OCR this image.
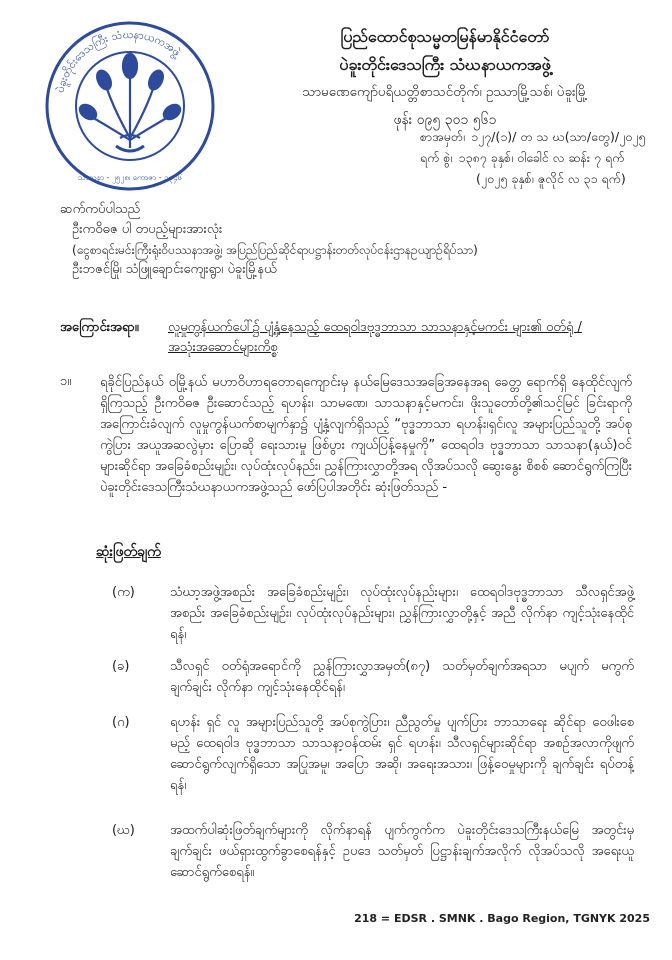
ပဲခူးတိုင်းဒေသကြီး သံဃနာယကအဖွဲ့
သာသနာ - ၂၅၂၈၊ ကောဇာ - ၁၃၄၆
ပြည်ထောင်စုသမ္မတမြန်မာနိုင်ငံတော်
ပဲခူးတိုင်းဒေသကြီး သံဃနာယကအဖွဲ့
သာမဏေကျော်ပရိယတ္တိစာသင်တိုက်၊ ဥဿာမြို့သစ်၊ ပဲခူးမြို့
ဖုန်း ၀၉၅ ၃၀၁ ၅၆၁
စာအမှတ်၊ ၁၂၇/(၁)/ တ သ ဃ(သာ/တွေ)/၂၀၂၅
ရက် စွဲ၊ ၁၃၈၇ ခုနှစ်၊ ဝါခေါင် လ ဆန်း ၇ ရက်
(၂၀၂၅ ခုနှစ်၊ ဇူလိုင် လ ၃၁ ရက်)
ဆက်ကပ်ပါသည်
ဦးကဝိဓဇ ပါ တပည့်များအားလုံး
(ငွေစာရင်းမင်းကြီးရုံးဝိပဿနာအဖွဲ့၊ အပြည်ပြည်ဆိုင်ရာပဋ္ဌာန်းတတ်လုပ်ငန်းဌာနဥယျာဉ်ရိပ်သာ)
ဦးဘဇင်မြို၊ သံဖြူချောင်းကျေးရွာ၊ ပဲခူးမြို့နယ်
အကြောင်းအရာ။	လူမှုကွန်ယက်ပေါ်၌ ပျံ့နှံ့နေသည့် ထေရဝါဒဗုဒ္ဓဘာသာ သာသနာနှင့်မကင်း များ၏ ၀တ်ရုံ / အသုံးအဆောင်များကိစ္စ
၁။	ရခိုင်ပြည်နယ် ဝမြို့နယ် မဟာဝိဟာရတောရကျောင်းမှ နယ်မြေဒေသအခြေအနေအရ ခေတ္တ ရောက်ရှိ နေထိုင်လျက်ရှိကြသည့် ဦးကဝိဓဇ ဦးဆောင်သည့် ရဟန်း၊ သာမဏေ၊ သာသနာနှင့်မကင်း၊ ဖိုးသူတော်တို့၏သင့်မြင် ခြင်းရာကိုအကြောင်းခံလျက် လူမှုကွန်ယက်စာမျက်နှာ၌ ပျံ့နှံ့လျက်ရှိသည့် “ဗုဒ္ဓဘာသာ ရဟန်း၊ရှင်၊လူ အများပြည်သူတို့ အပ်စုကွဲပြား အယူအဆလွဲမှား ပြောဆို ရေးသားမှု ဖြစ်ပွား ကျယ်ပြန့်နေမှုကို” ထေရဝါဒ ဗုဒ္ဓဘာသာ သာသနာ(နှယ်)ဝင် များဆိုင်ရာ အခြေခံစည်းမျဉ်း၊ လုပ်ထုံးလုပ်နည်း၊ ညွှန်ကြားလွှာတို့အရ လိုအပ်သလို ဆွေးနွေး စိစစ် ဆောင်ရွက်ကြပြီး ပဲခူးတိုင်းဒေသကြီးသံဃနာယကအဖွဲ့သည် ဖော်ပြပါအတိုင်း ဆုံးဖြတ်သည် -
ဆုံးဖြတ်ချက်
(က)	သံဃာ့အဖွဲ့အစည်း အခြေခံစည်းမျဉ်း၊ လုပ်ထုံးလုပ်နည်းများ၊ ထေရဝါဒဗုဒ္ဓဘာသာ သီလရှင်အဖွဲ့အစည်း အခြေခံစည်းမျဉ်း၊ လုပ်ထုံးလုပ်နည်းများ၊ ညွှန်ကြားလွှာတို့နှင့် အညီ လိုက်နာ ကျင့်သုံးနေထိုင်ရန်၊
(ခ)	သီလရှင် ၀တ်ရုံအရောင်ကို ညွှန်ကြားလွှာအမှတ်(၈၇) သတ်မှတ်ချက်အရသာ မပျက် မကွက် ချက်ချင်း လိုက်နာ ကျင့်သုံးနေထိုင်ရန်၊
(ဂ)	ရဟန်း ရှင် လူ အများပြည်သူတို့ အပ်စုကွဲပြား၊ ညီညွတ်မှု ပျက်ပြား ဘာသာရေး ဆိုင်ရာ ဝေဖါးစေမည့် ထေရဝါဒ ဗုဒ္ဓဘာသာ သာသနာ့ဝန်ထမ်း ရှင် ရဟန်း၊ သီလရှင်များဆိုင်ရာ အစဉ်အလာကိုဖျက် ဆောင်ရွက်လျက်ရှိသော အပြုအမူ၊ အပြော အဆို၊ အရေးအသား၊ ဖြန့်ဝေမှုများကို ချက်ချင်း ရပ်တန့်ရန်၊
(ဃ)	အထက်ပါဆုံးဖြတ်ချက်များကို လိုက်နာရန် ပျက်ကွက်က ပဲခူးတိုင်းဒေသကြီးနယ်မြေ အတွင်းမှ ချက်ချင်း ဖယ်ရှားထွက်ခွာစေရန်နှင့် ဥပဒေ သတ်မှတ် ပြဋ္ဌာန်းချက်အလိုက် လိုအပ်သလို အရေးယူ ဆောင်ရွက်စေရန်။
218 = EDSR . SMNK . Bago Region, TGNYK 2025
